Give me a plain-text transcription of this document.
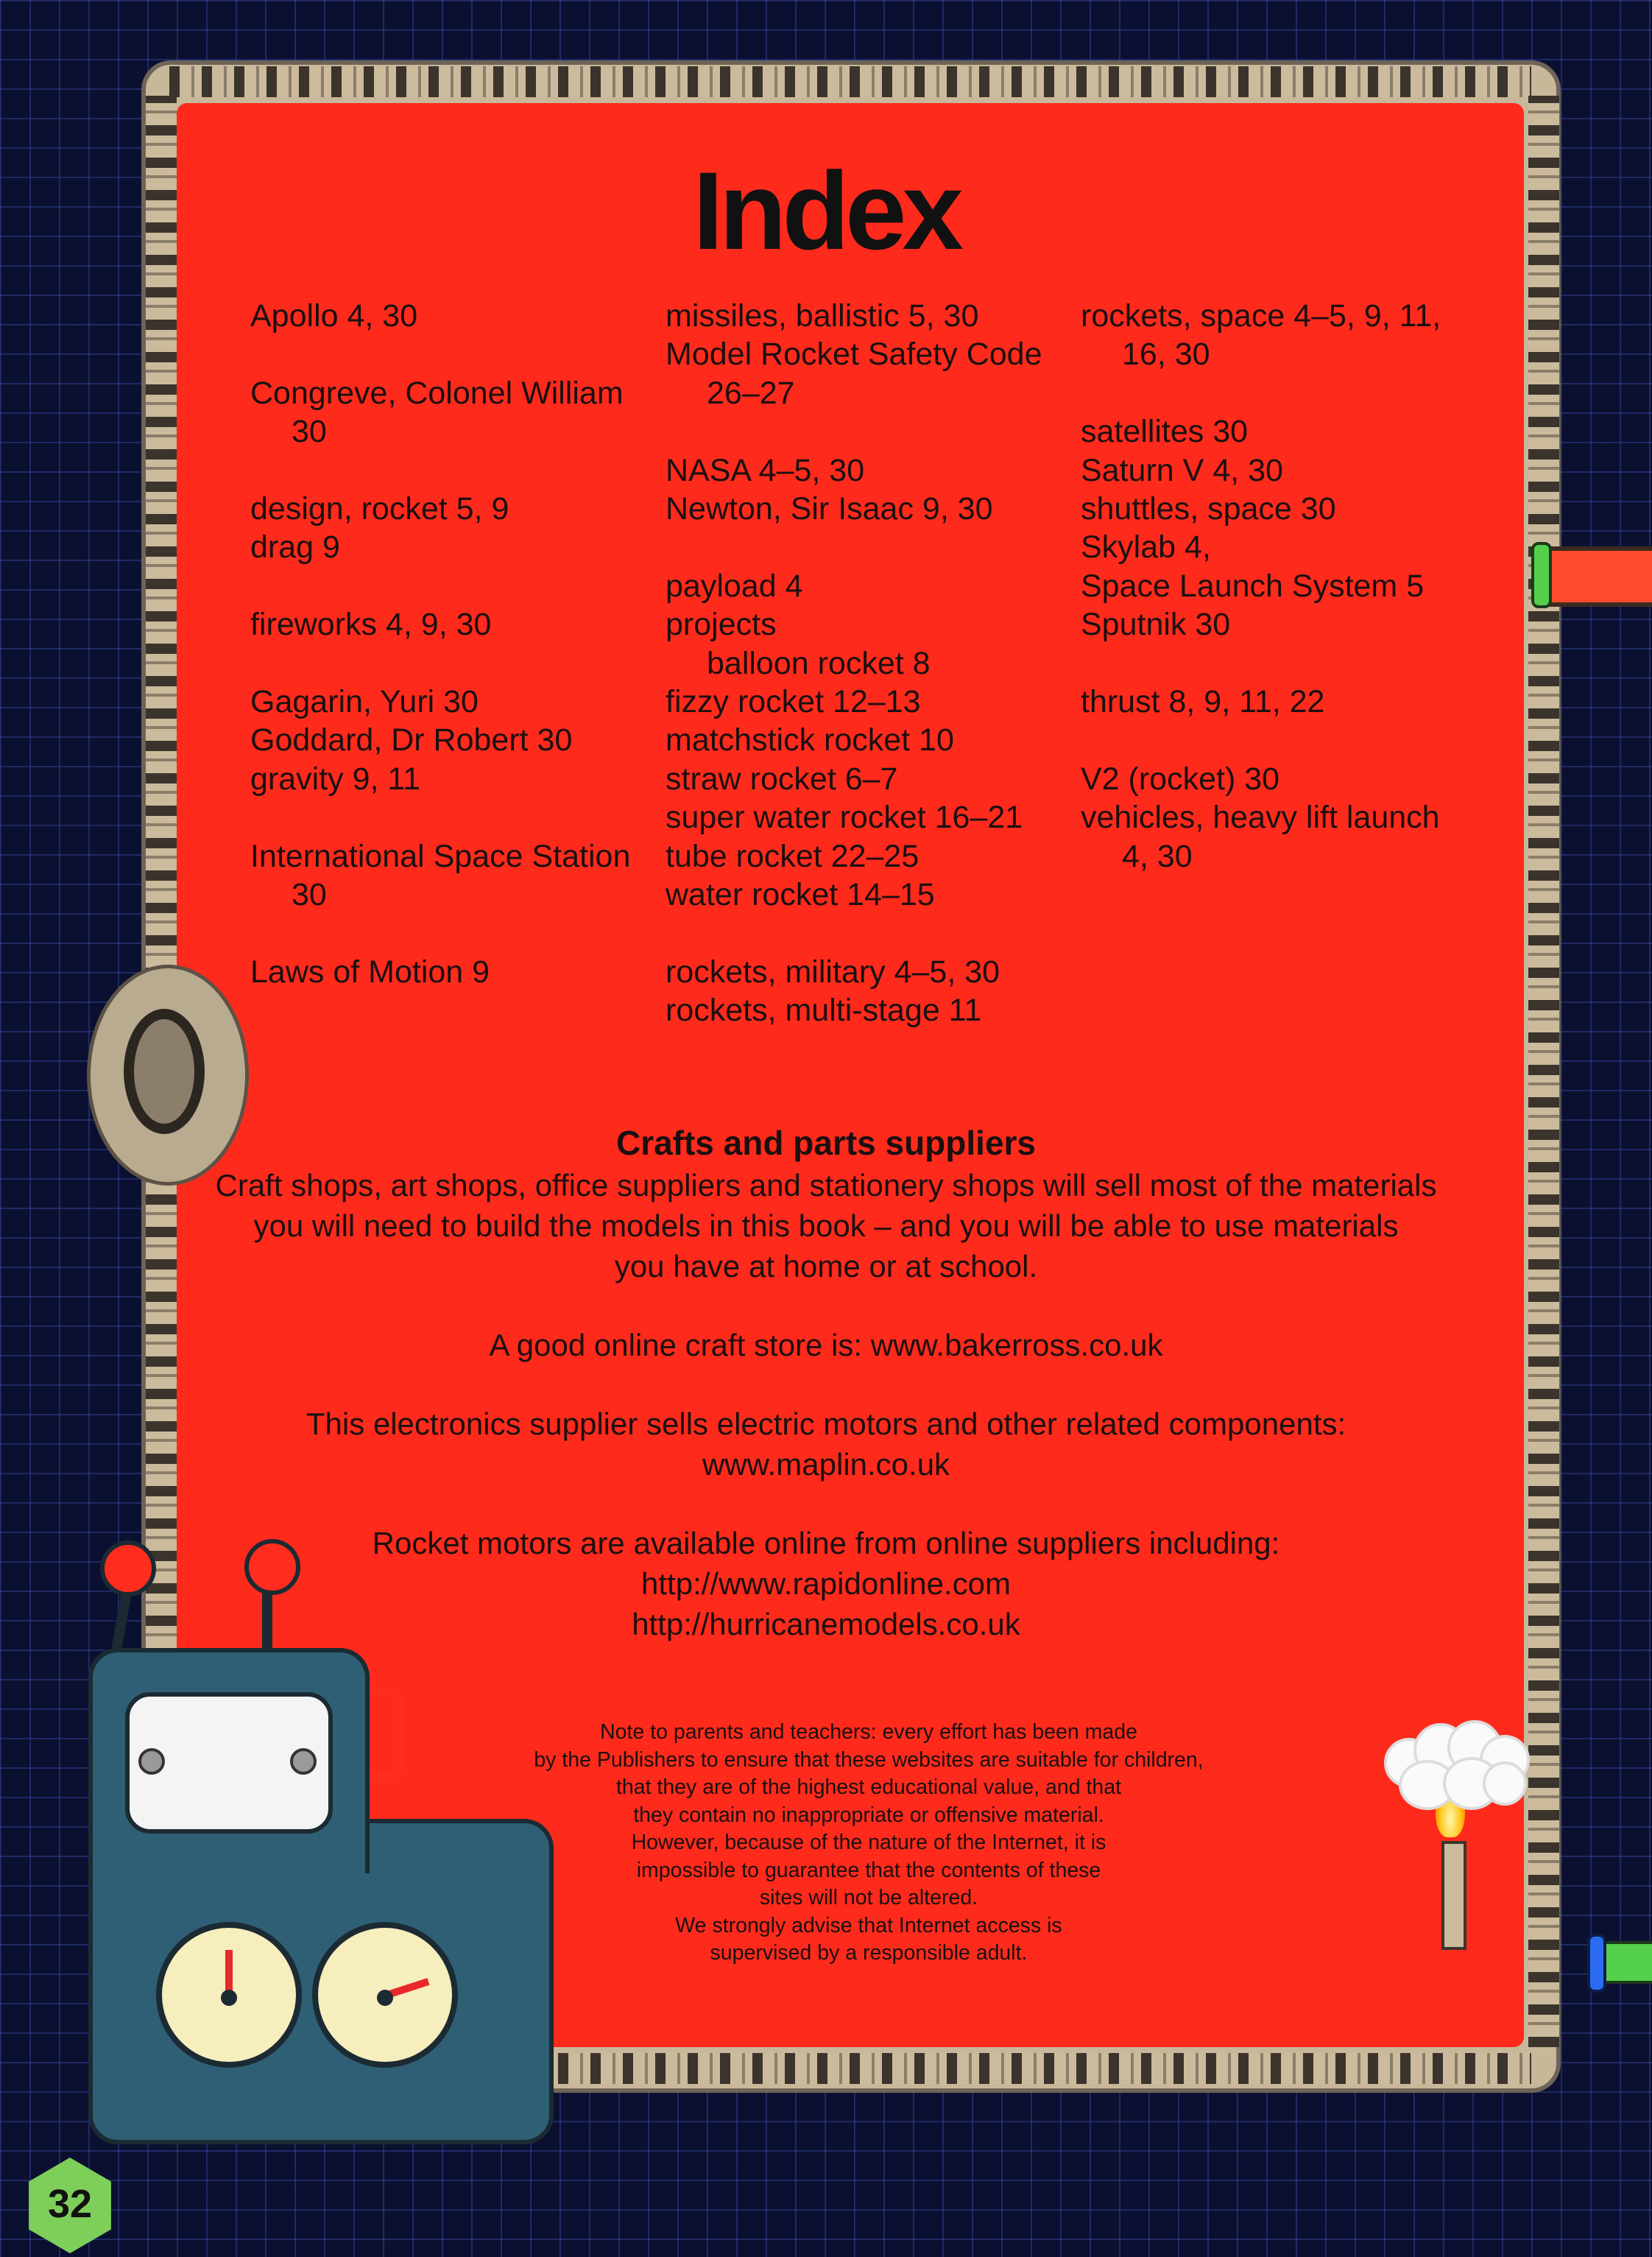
Index
Apollo 4, 30
Congreve, Colonel William
30
design, rocket 5, 9
drag 9
fireworks 4, 9, 30
Gagarin, Yuri 30
Goddard, Dr Robert 30
gravity 9, 11
International Space Station
30
Laws of Motion 9
missiles, ballistic 5, 30
Model Rocket Safety Code
26–27
NASA 4–5, 30
Newton, Sir Isaac 9, 30
payload 4
projects
balloon rocket 8
fizzy rocket 12–13
matchstick rocket 10
straw rocket 6–7
super water rocket 16–21
tube rocket 22–25
water rocket 14–15
rockets, military 4–5, 30
rockets, multi-stage 11
rockets, space 4–5, 9, 11,
16, 30
satellites 30
Saturn V 4, 30
shuttles, space 30
Skylab 4,
Space Launch System 5
Sputnik 30
thrust 8, 9, 11, 22
V2 (rocket) 30
vehicles, heavy lift launch
4, 30
Crafts and parts suppliers
Craft shops, art shops, office suppliers and stationery shops will sell most of the materials
you will need to build the models in this book – and you will be able to use materials
you have at home or at school.
A good online craft store is: www.bakerross.co.uk
This electronics supplier sells electric motors and other related components:
www.maplin.co.uk
Rocket motors are available online from online suppliers including:
http://www.rapidonline.com
http://hurricanemodels.co.uk
Note to parents and teachers: every effort has been made
by the Publishers to ensure that these websites are suitable for children,
that they are of the highest educational value, and that
they contain no inappropriate or offensive material.
However, because of the nature of the Internet, it is
impossible to guarantee that the contents of these
sites will not be altered.
We strongly advise that Internet access is
supervised by a responsible adult.
32
